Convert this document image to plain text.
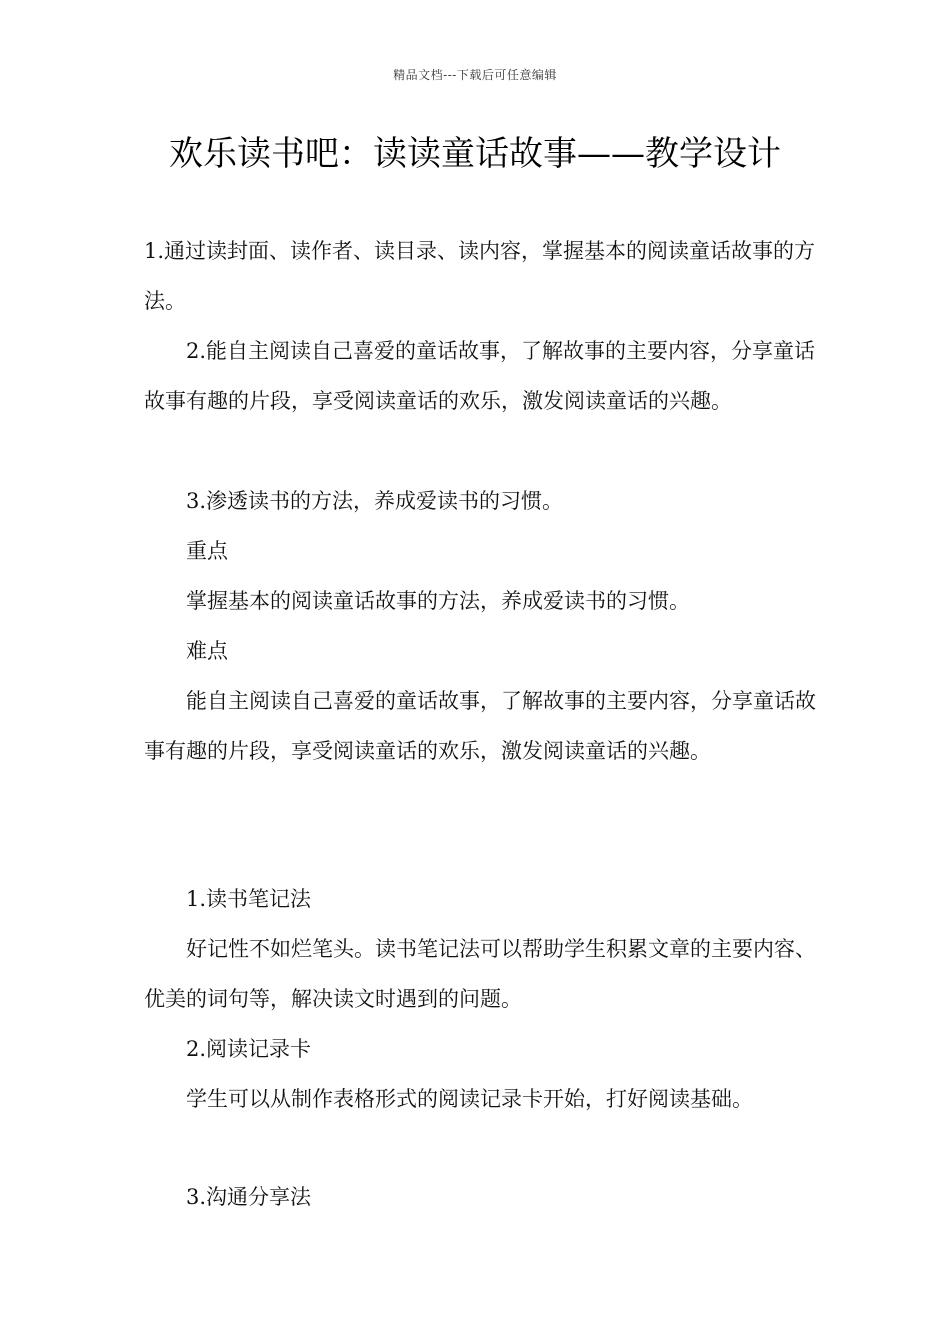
精品文档---下载后可任意编辑
欢乐读书吧：读读童话故事——教学设计

1.通过读封面、读作者、读目录、读内容，掌握基本的阅读童话故事的方法。

　　2.能自主阅读自己喜爱的童话故事，了解故事的主要内容，分享童话故事有趣的片段，享受阅读童话的欢乐，激发阅读童话的兴趣。

　　3.渗透读书的方法，养成爱读书的习惯。

　　重点

　　掌握基本的阅读童话故事的方法，养成爱读书的习惯。

　　难点

　　能自主阅读自己喜爱的童话故事，了解故事的主要内容，分享童话故事有趣的片段，享受阅读童话的欢乐，激发阅读童话的兴趣。

　　1.读书笔记法

　　好记性不如烂笔头。读书笔记法可以帮助学生积累文章的主要内容、优美的词句等，解决读文时遇到的问题。

　　2.阅读记录卡

　　学生可以从制作表格形式的阅读记录卡开始，打好阅读基础。

　　3.沟通分享法
